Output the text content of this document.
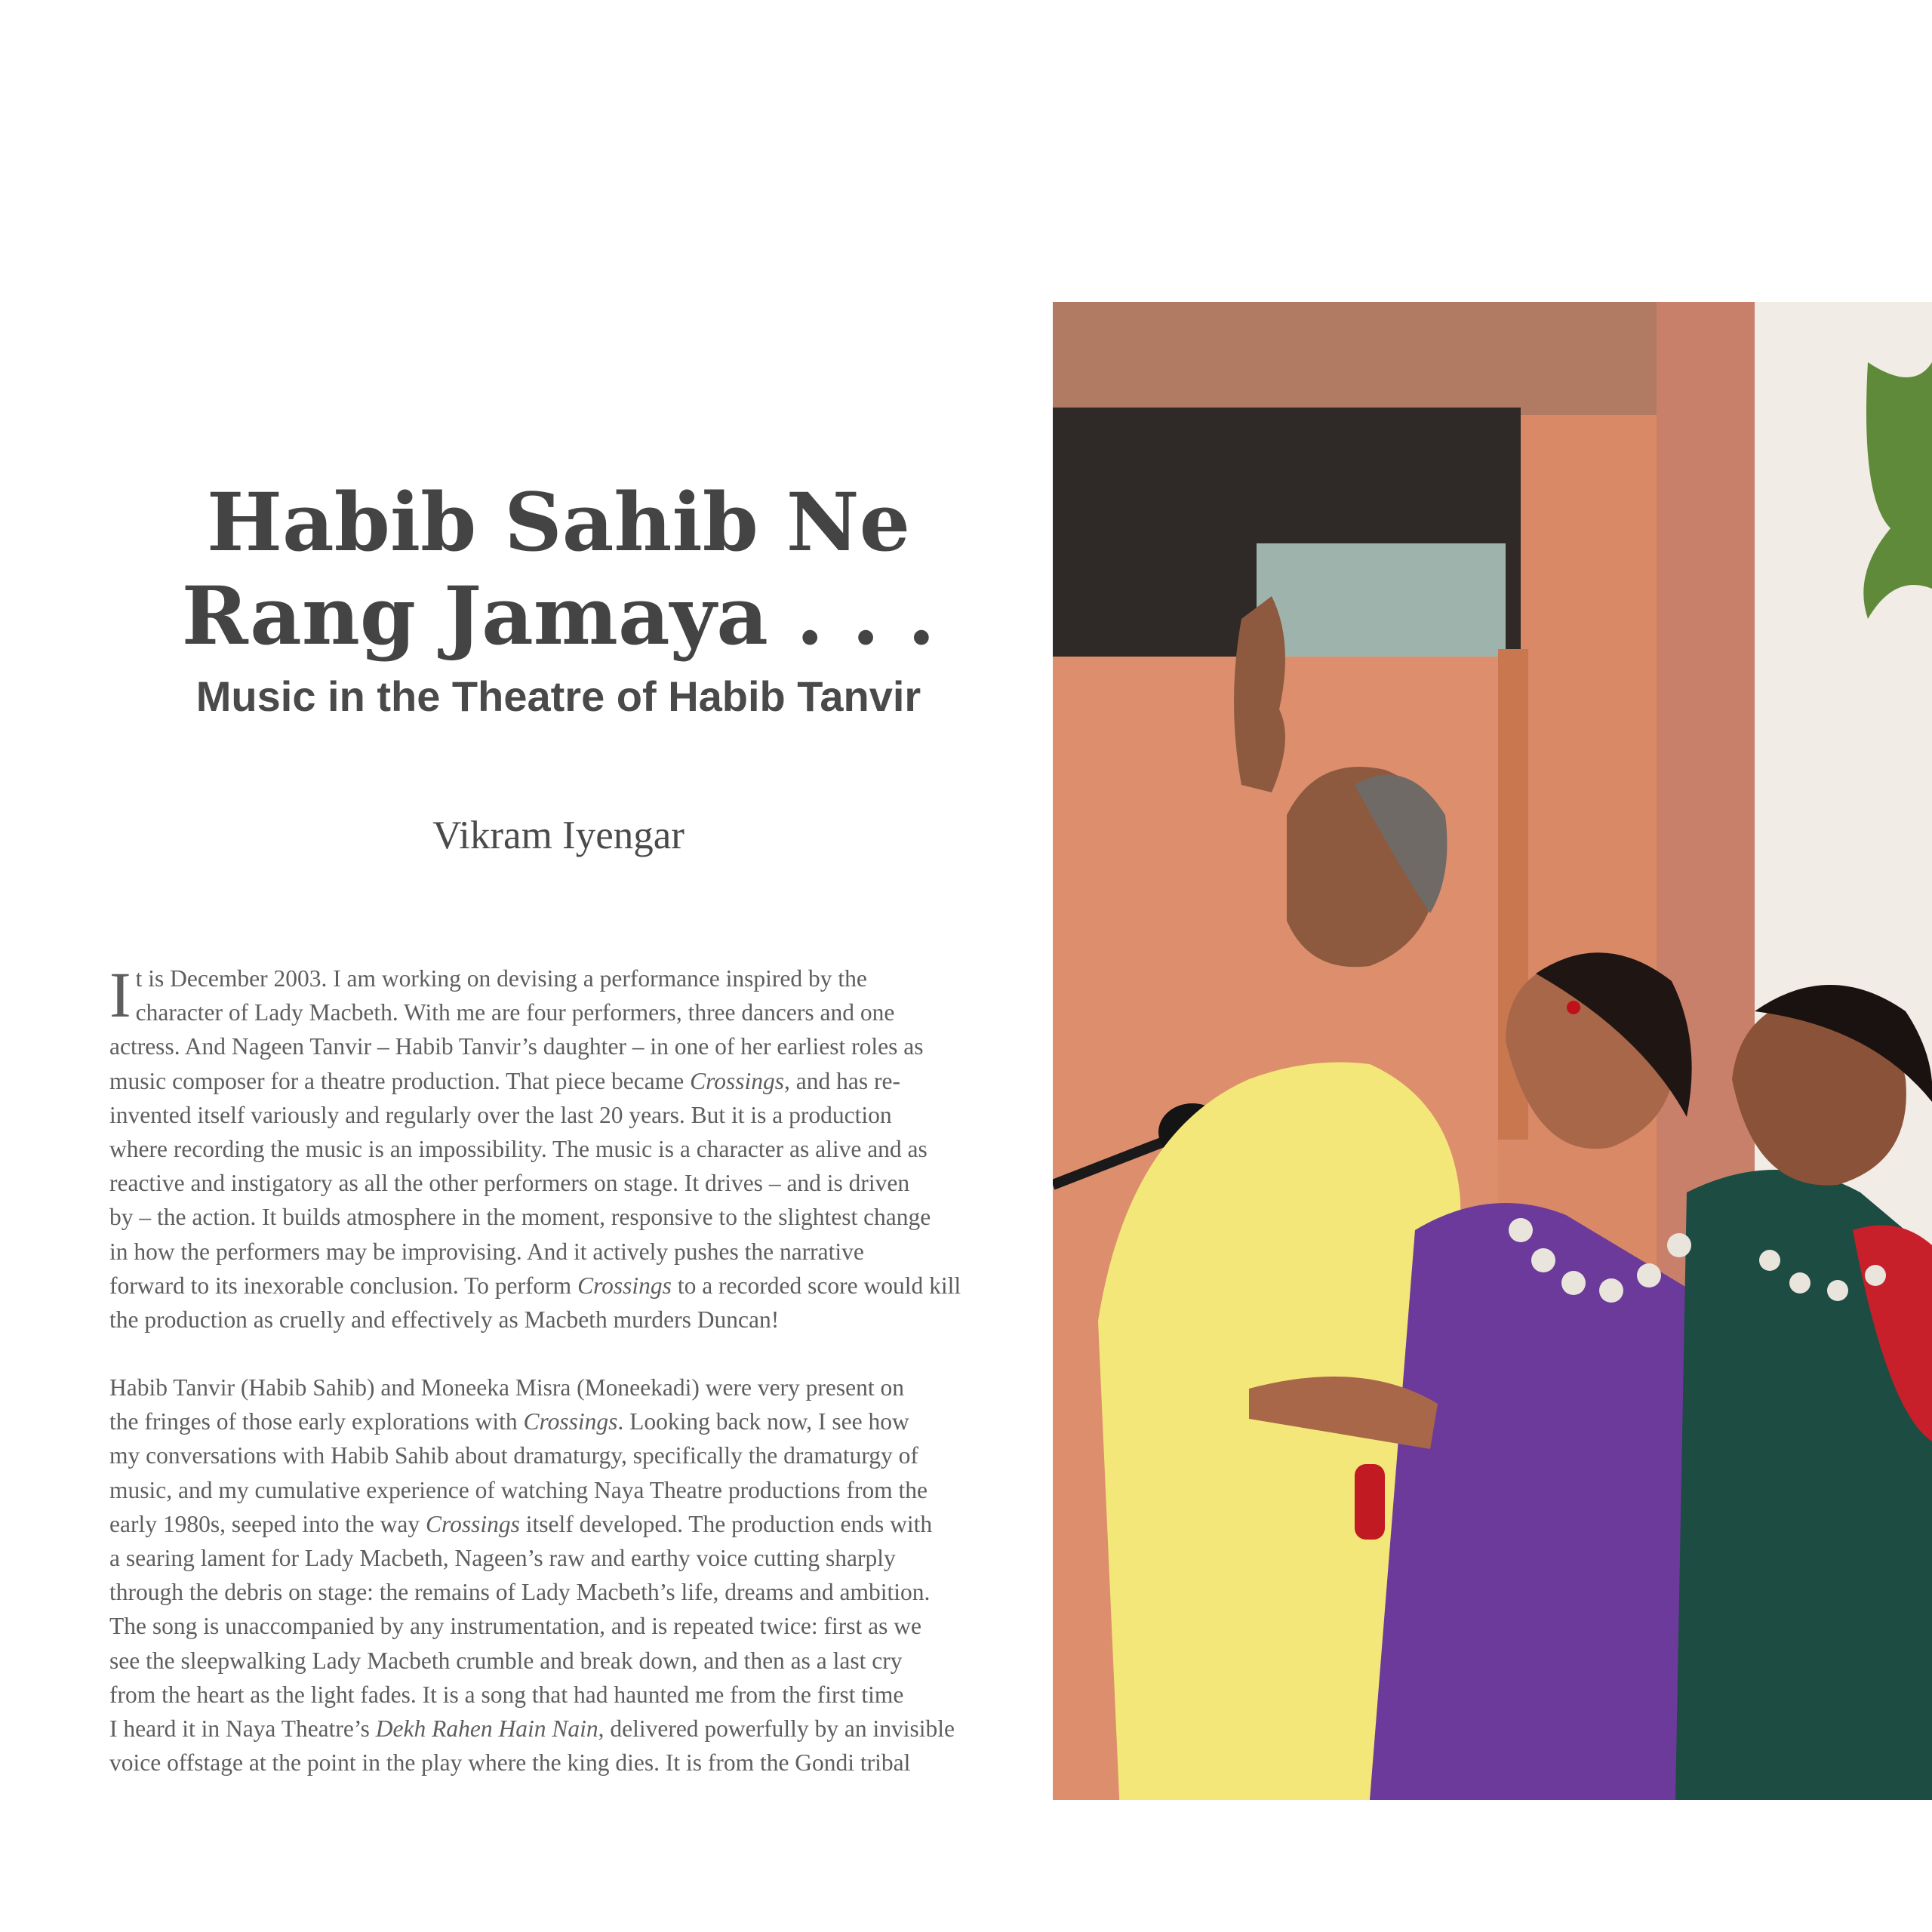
Habib Sahib Ne
Rang Jamaya . . .
Music in the Theatre of Habib Tanvir

Vikram Iyengar

I t is December 2003. I am working on devising a performance inspired by the
character of Lady Macbeth. With me are four performers, three dancers and one
actress. And Nageen Tanvir – Habib Tanvir’s daughter – in one of her earliest roles as
music composer for a theatre production. That piece became Crossings, and has re-
invented itself variously and regularly over the last 20 years. But it is a production
where recording the music is an impossibility. The music is a character as alive and as
reactive and instigatory as all the other performers on stage. It drives – and is driven
by – the action. It builds atmosphere in the moment, responsive to the slightest change
in how the performers may be improvising. And it actively pushes the narrative
forward to its inexorable conclusion. To perform Crossings to a recorded score would kill
the production as cruelly and effectively as Macbeth murders Duncan!
Habib Tanvir (Habib Sahib) and Moneeka Misra (Moneekadi) were very present on
the fringes of those early explorations with Crossings. Looking back now, I see how
my conversations with Habib Sahib about dramaturgy, specifically the dramaturgy of
music, and my cumulative experience of watching Naya Theatre productions from the
early 1980s, seeped into the way Crossings itself developed. The production ends with
a searing lament for Lady Macbeth, Nageen’s raw and earthy voice cutting sharply
through the debris on stage: the remains of Lady Macbeth’s life, dreams and ambition.
The song is unaccompanied by any instrumentation, and is repeated twice: first as we
see the sleepwalking Lady Macbeth crumble and break down, and then as a last cry
from the heart as the light fades. It is a song that had haunted me from the first time
I heard it in Naya Theatre’s Dekh Rahen Hain Nain, delivered powerfully by an invisible
voice offstage at the point in the play where the king dies. It is from the Gondi tribal
